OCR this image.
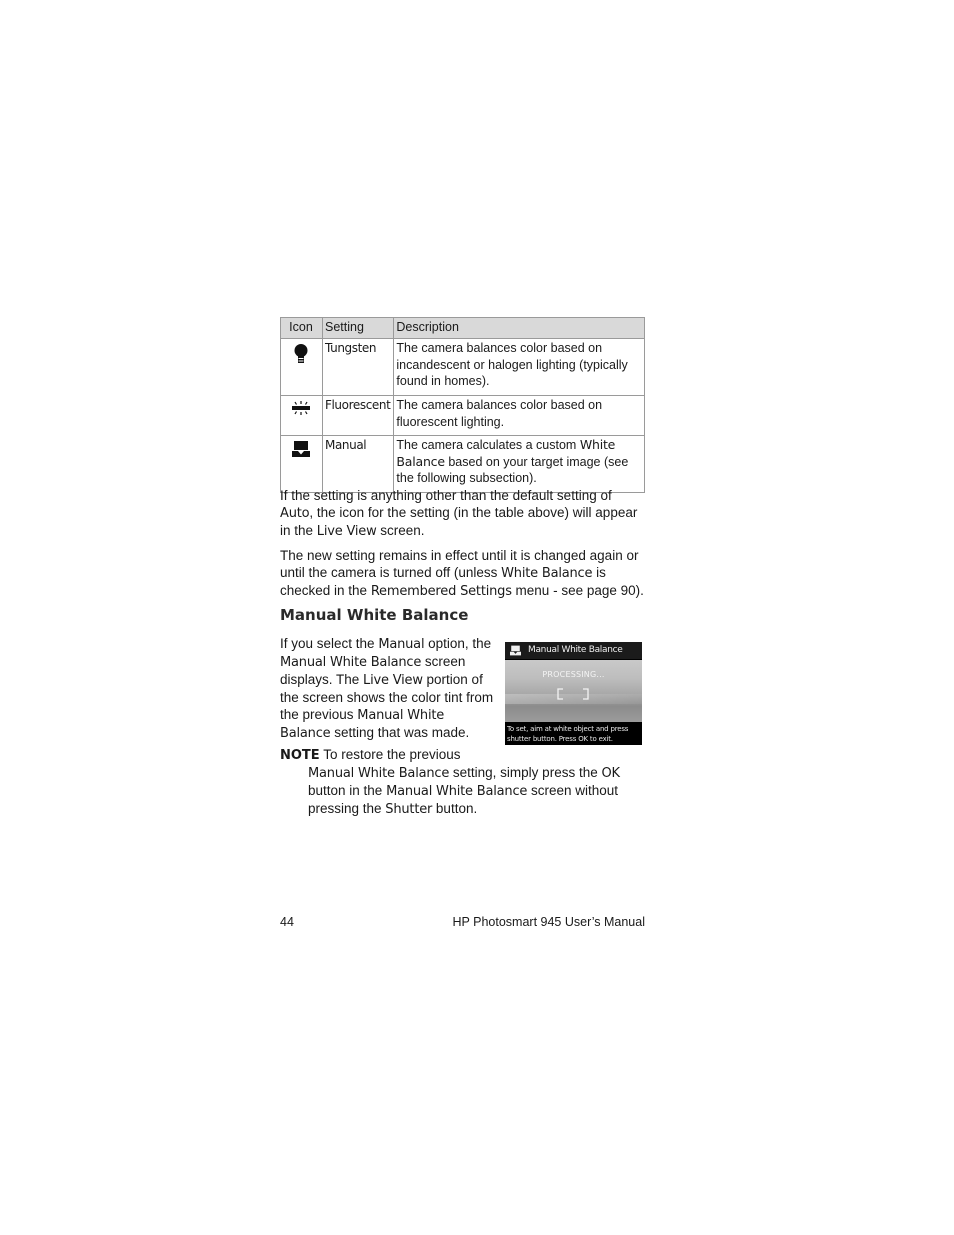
Icon	Setting	Description
	Tungsten	The camera balances color based on incandescent or halogen lighting (typically found in homes).
	Fluorescent	The camera balances color based on fluorescent lighting.
	Manual	The camera calculates a custom White Balance based on your target image (see the following subsection).

If the setting is anything other than the default setting of Auto, the icon for the setting (in the table above) will appear in the Live View screen.

The new setting remains in effect until it is changed again or until the camera is turned off (unless White Balance is checked in the Remembered Settings menu - see page 90).

Manual White Balance

If you select the Manual option, the Manual White Balance screen displays. The Live View portion of the screen shows the color tint from the previous Manual White Balance setting that was made.

Manual White Balance
PROCESSING...
To set, aim at white object and press shutter button. Press OK to exit.

NOTE To restore the previous
Manual White Balance setting, simply press the OK button in the Manual White Balance screen without pressing the Shutter button.

44	HP Photosmart 945 User’s Manual
